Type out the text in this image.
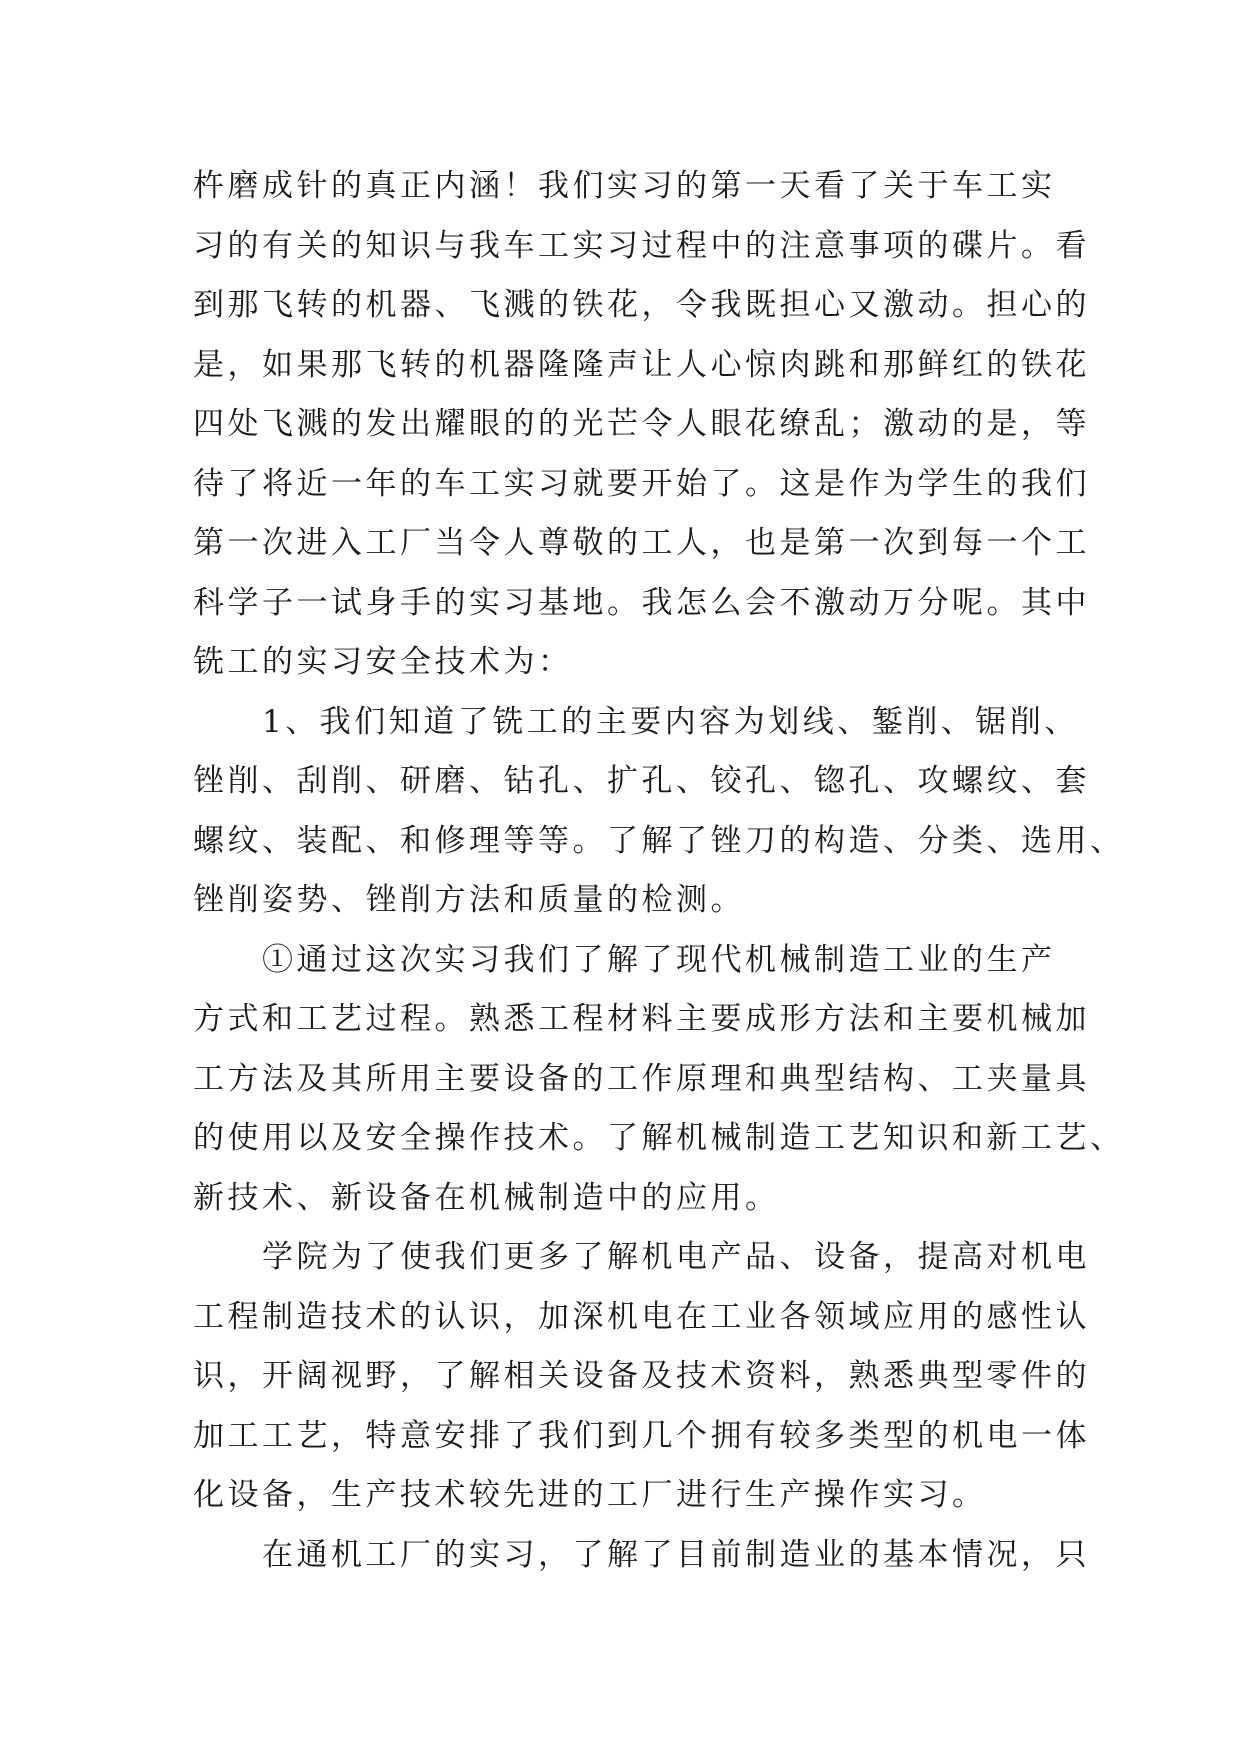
杵磨成针的真正内涵！我们实习的第一天看了关于车工实
习的有关的知识与我车工实习过程中的注意事项的碟片。看
到那飞转的机器、飞溅的铁花，令我既担心又激动。担心的
是，如果那飞转的机器隆隆声让人心惊肉跳和那鲜红的铁花
四处飞溅的发出耀眼的的光芒令人眼花缭乱；激动的是，等
待了将近一年的车工实习就要开始了。这是作为学生的我们
第一次进入工厂当令人尊敬的工人，也是第一次到每一个工
科学子一试身手的实习基地。我怎么会不激动万分呢。其中
铣工的实习安全技术为：
　　1、我们知道了铣工的主要内容为划线、錾削、锯削、
锉削、刮削、研磨、钻孔、扩孔、铰孔、锪孔、攻螺纹、套
螺纹、装配、和修理等等。了解了锉刀的构造、分类、选用、
锉削姿势、锉削方法和质量的检测。
　　①通过这次实习我们了解了现代机械制造工业的生产
方式和工艺过程。熟悉工程材料主要成形方法和主要机械加
工方法及其所用主要设备的工作原理和典型结构、工夹量具
的使用以及安全操作技术。了解机械制造工艺知识和新工艺、
新技术、新设备在机械制造中的应用。
　　学院为了使我们更多了解机电产品、设备，提高对机电
工程制造技术的认识，加深机电在工业各领域应用的感性认
识，开阔视野，了解相关设备及技术资料，熟悉典型零件的
加工工艺，特意安排了我们到几个拥有较多类型的机电一体
化设备，生产技术较先进的工厂进行生产操作实习。
　　在通机工厂的实习，了解了目前制造业的基本情况，只
